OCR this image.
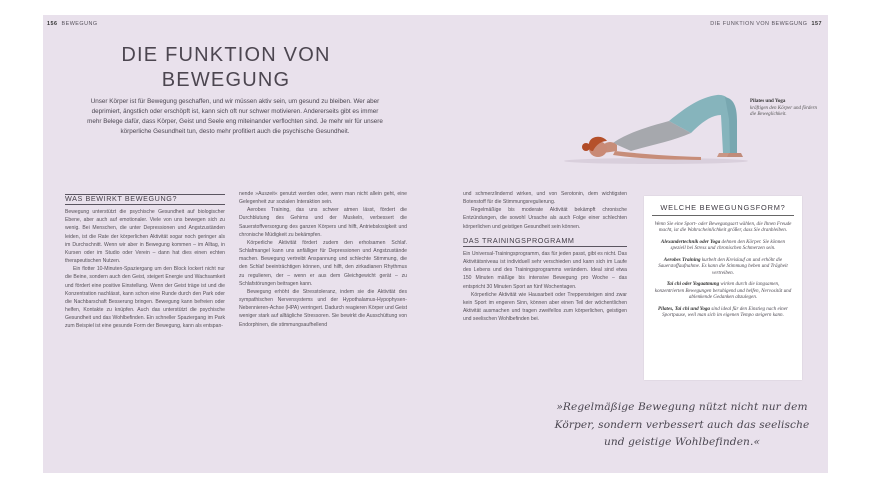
156 BEWEGUNG
DIE FUNKTION VON BEWEGUNG
Unser Körper ist für Bewegung geschaffen, und wir müssen aktiv sein, um gesund zu bleiben. Wer aber deprimiert, ängstlich oder erschöpft ist, kann sich oft nur schwer motivieren. Andererseits gibt es immer mehr Belege dafür, dass Körper, Geist und Seele eng miteinander verflochten sind. Je mehr wir für unsere körperliche Gesundheit tun, desto mehr profitiert auch die psychische Gesundheit.
WAS BEWIRKT BEWEGUNG?

Bewegung unterstützt die psychische Gesundheit auf biologischer Ebene, aber auch auf emotionaler. Viele von uns bewegen sich zu wenig. Bei Menschen, die unter Depressionen und Angstzuständen leiden, ist die Rate der körperlichen Aktivität sogar noch geringer als im Durchschnitt. Wenn wir aber in Bewegung kommen – im Alltag, in Kursen oder im Studio oder Verein – dann hat dies einen echten therapeutischen Nutzen.

Ein flotter 10-Minuten-Spaziergang um den Block lockert nicht nur die Beine, sondern auch den Geist, steigert Energie und Wachsamkeit und fördert eine positive Einstellung. Wenn der Geist träge ist und die Konzentration nachlässt, kann schon eine Runde durch den Park oder die Nachbarschaft Besserung bringen. Bewegung kann befreien oder helfen, Kontakte zu knüpfen. Auch das unterstützt die psychische Gesundheit und das Wohlbefinden. Ein schneller Spaziergang im Park zum Beispiel ist eine gesunde Form der Bewegung, kann als entspan-

nende »Auszeit« genutzt werden oder, wenn man nicht allein geht, eine Gelegenheit zur sozialen Interaktion sein.

Aerobes Training, das uns schwer atmen lässt, fördert die Durchblutung des Gehirns und der Muskeln, verbessert die Sauerstoffversorgung des ganzen Körpers und hilft, Antriebslosigkeit und chronische Müdigkeit zu bekämpfen.

Körperliche Aktivität fördert zudem den erholsamen Schlaf. Schlafmangel kann uns anfälliger für Depressionen und Angstzustände machen. Bewegung vertreibt Anspannung und schlechte Stimmung, die den Schlaf beeinträchtigen können, und hilft, den zirkadianen Rhythmus zu regulieren, der – wenn er aus dem Gleichgewicht gerät – zu Schlafstörungen beitragen kann.

Bewegung erhöht die Stresstoleranz, indem sie die Aktivität des sympathischen Nervensystems und der Hypothalamus-Hypophysen-Nebennieren-Achse (HPA) verringert. Dadurch reagieren Körper und Geist weniger stark auf alltägliche Stressoren. Sie bewirkt die Ausschüttung von Endorphinen, die stimmungsaufhellend

DIE FUNKTION VON BEWEGUNG 157
Pilates und Yoga
kräftigen den Körper und fördern die Beweglichkeit.

und schmerzlindernd wirken, und von Serotonin, dem wichtigsten Botenstoff für die Stimmungsregulierung.

Regelmäßige bis moderate Aktivität bekämpft chronische Entzündungen, die sowohl Ursache als auch Folge einer schlechten körperlichen und geistigen Gesundheit sein können.

DAS TRAININGSPROGRAMM

Ein Universal-Trainingsprogramm, das für jeden passt, gibt es nicht. Das Aktivitätsniveau ist individuell sehr verschieden und kann sich im Laufe des Lebens und des Trainingsprogramms verändern. Ideal sind etwa 150 Minuten mäßige bis intensive Bewegung pro Woche – das entspricht 30 Minuten Sport an fünf Wochentagen.

Körperliche Aktivität wie Hausarbeit oder Treppensteigen sind zwar kein Sport im engeren Sinn, können aber einen Teil der wöchentlichen Aktivität ausmachen und tragen zweifellos zum körperlichen, geistigen und seelischen Wohlbefinden bei.

WELCHE BEWEGUNGSFORM?

Wenn Sie eine Sport- oder Bewegungsart wählen, die Ihnen Freude macht, ist die Wahrscheinlichkeit größer, dass Sie dranbleiben.

Alexandertechnik oder Yoga dehnen den Körper. Sie können speziell bei Stress und chronischen Schmerzen sein.

Aerobes Training kurbelt den Kreislauf an und erhöht die Sauerstoffaufnahme. Es kann die Stimmung heben und Trägheit vertreiben.

Tai chi oder Yogaatmung wirken durch die langsamen, konzentrierten Bewegungen beruhigend und helfen, Nervosität und ablenkende Gedanken abzulegen.

Pilates, Tai chi und Yoga sind ideal für den Einstieg nach einer Sportpause, weil man sich im eigenen Tempo steigern kann.

»Regelmäßige Bewegung nützt nicht nur dem Körper, sondern verbessert auch das seelische und geistige Wohlbefinden.«
